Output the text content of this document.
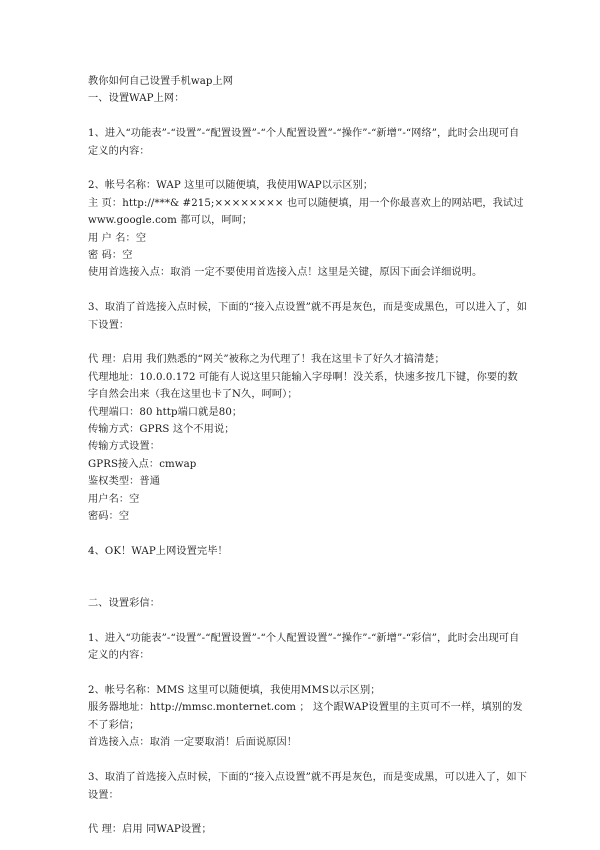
教你如何自己设置手机wap上网
一、设置WAP上网：
1、进入“功能表”-“设置”-“配置设置”-“个人配置设置”-“操作”-“新增”-“网络”，此时会出现可自定义的内容：
2、帐号名称：WAP 这里可以随便填，我使用WAP以示区别；
主 页：http://***& #215;×××××××× 也可以随便填，用一个你最喜欢上的网站吧，我试过 www.google.com 都可以，呵呵；
用 户 名：空
密 码：空
使用首选接入点：取消 一定不要使用首选接入点！这里是关键，原因下面会详细说明。
3、取消了首选接入点时候，下面的“接入点设置”就不再是灰色，而是变成黑色，可以进入了，如下设置：
代 理：启用 我们熟悉的“网关”被称之为代理了！我在这里卡了好久才搞清楚；
代理地址：10.0.0.172 可能有人说这里只能输入字母啊！没关系，快速多按几下键，你要的数字自然会出来（我在这里也卡了N久，呵呵）；
代理端口：80 http端口就是80；
传输方式：GPRS 这个不用说；
传输方式设置：
GPRS接入点：cmwap
鉴权类型：普通
用户名：空
密码：空
4、OK！WAP上网设置完毕！
二、设置彩信：
1、进入“功能表”-“设置”-“配置设置”-“个人配置设置”-“操作”-“新增”-“彩信”，此时会出现可自定义的内容：
2、帐号名称：MMS 这里可以随便填，我使用MMS以示区别；
服务器地址：http://mmsc.monternet.com ； 这个跟WAP设置里的主页可不一样，填别的发不了彩信；
首选接入点：取消 一定要取消！后面说原因！
3、取消了首选接入点时候，下面的“接入点设置”就不再是灰色，而是变成黑，可以进入了，如下设置：
代 理：启用 同WAP设置；
